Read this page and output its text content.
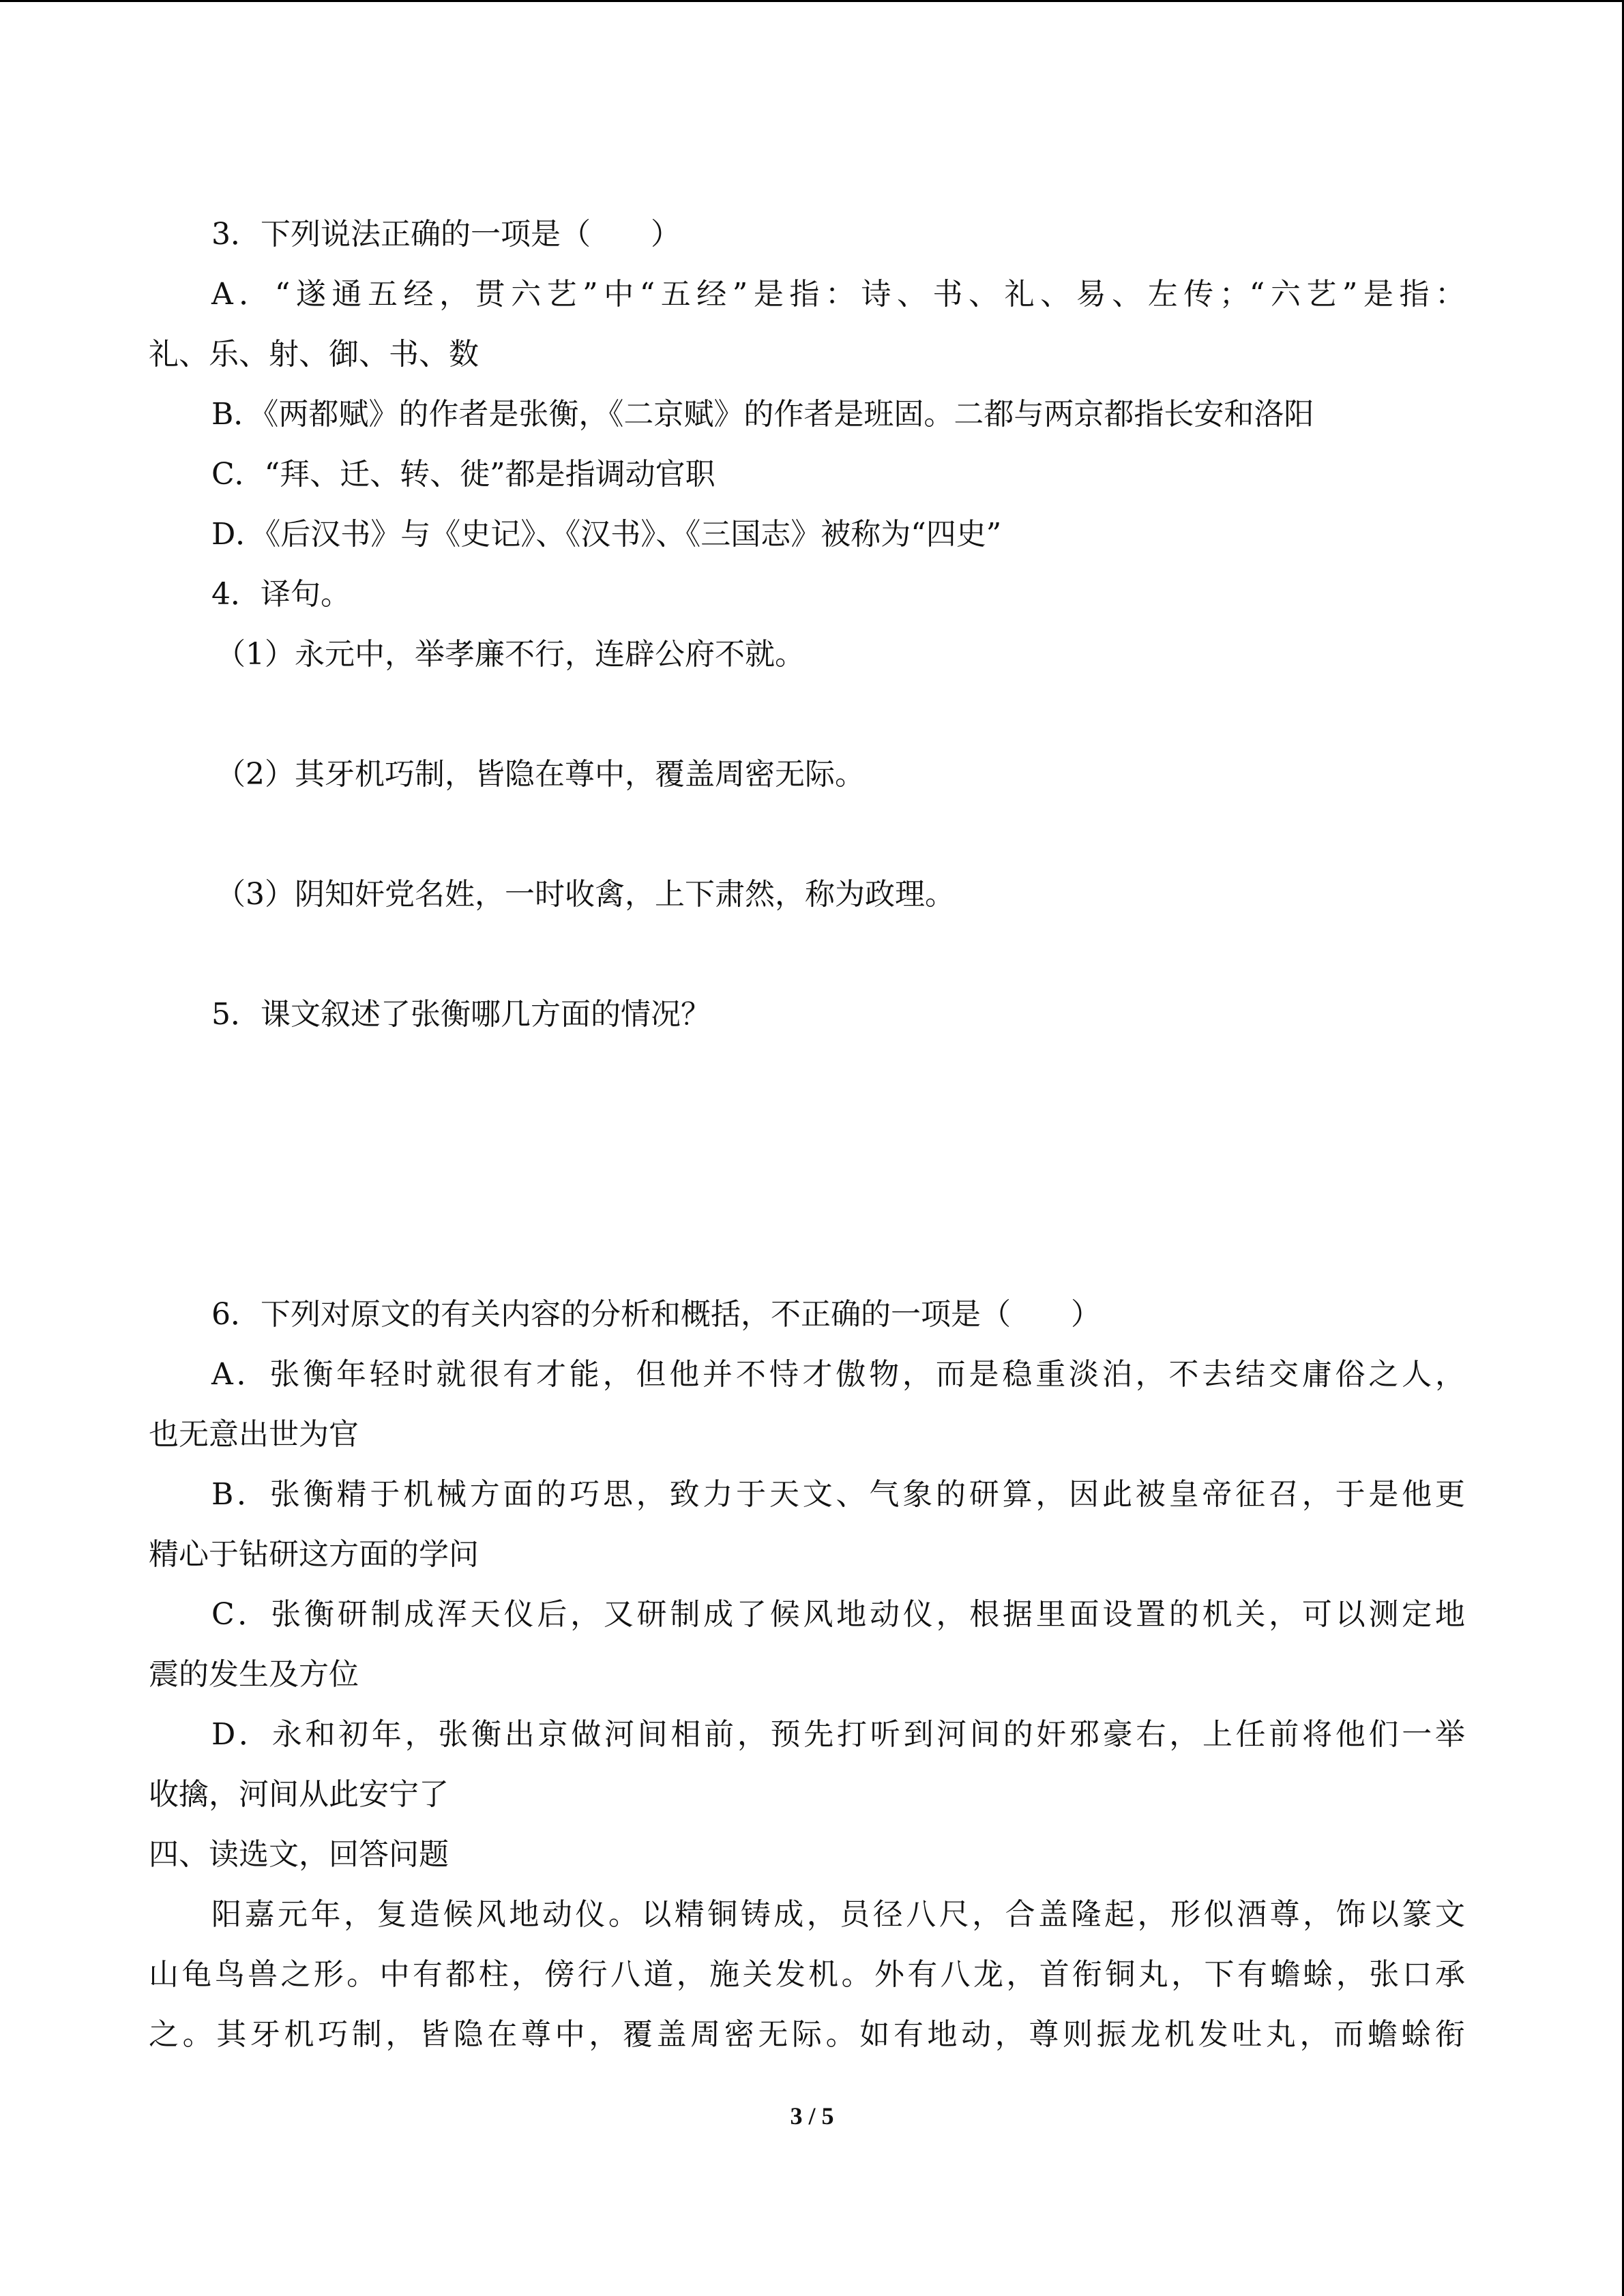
3．下列说法正确的一项是（　　）
A．“遂通五经，贯六艺”中“五经”是指：诗、书、礼、易、左传；“六艺”是指：
礼、乐、射、御、书、数
B．《两都赋》的作者是张衡，《二京赋》的作者是班固。二都与两京都指长安和洛阳
C．“拜、迁、转、徙”都是指调动官职
D．《后汉书》与《史记》、《汉书》、《三国志》被称为“四史”
4．译句。
（1）永元中，举孝廉不行，连辟公府不就。
（2）其牙机巧制，皆隐在尊中，覆盖周密无际。
（3）阴知奸党名姓，一时收禽，上下肃然，称为政理。
5．课文叙述了张衡哪几方面的情况？
6．下列对原文的有关内容的分析和概括，不正确的一项是（　　）
A．张衡年轻时就很有才能，但他并不恃才傲物，而是稳重淡泊，不去结交庸俗之人，
也无意出世为官
B．张衡精于机械方面的巧思，致力于天文、气象的研算，因此被皇帝征召，于是他更
精心于钻研这方面的学问
C．张衡研制成浑天仪后，又研制成了候风地动仪，根据里面设置的机关，可以测定地
震的发生及方位
D．永和初年，张衡出京做河间相前，预先打听到河间的奸邪豪右，上任前将他们一举
收擒，河间从此安宁了
四、读选文，回答问题
阳嘉元年，复造候风地动仪。以精铜铸成，员径八尺，合盖隆起，形似酒尊，饰以篆文
山龟鸟兽之形。中有都柱，傍行八道，施关发机。外有八龙，首衔铜丸，下有蟾蜍，张口承
之。其牙机巧制，皆隐在尊中，覆盖周密无际。如有地动，尊则振龙机发吐丸，而蟾蜍衔
3 / 5
